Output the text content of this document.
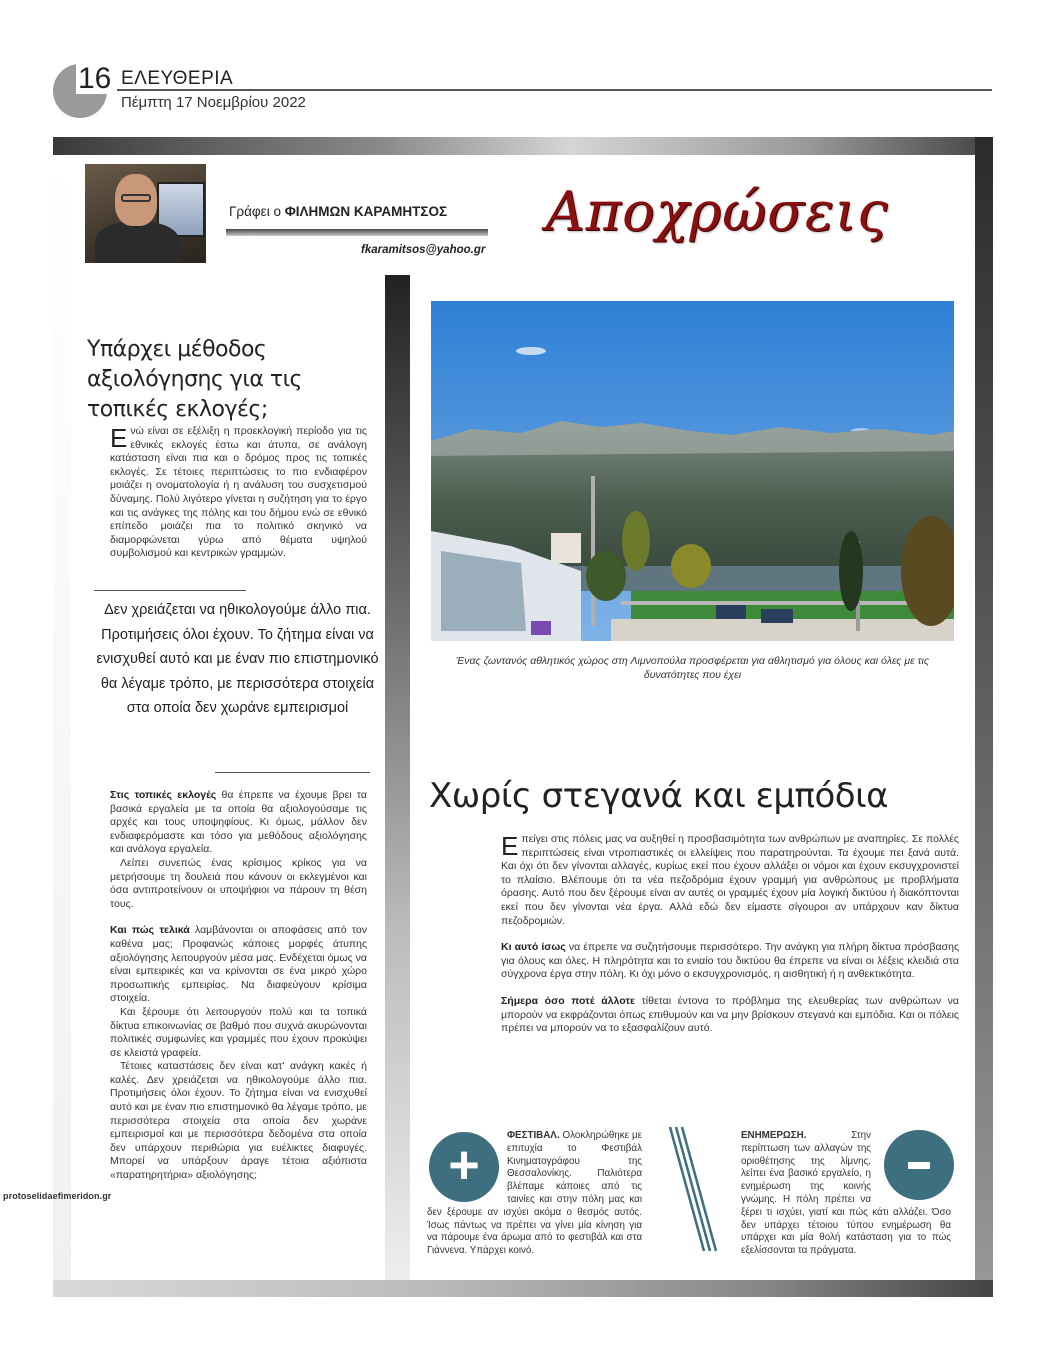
16 ΕΛΕΥΘΕΡΙΑ
Πέμπτη 17 Νοεμβρίου 2022
Γράφει ο ΦΙΛΗΜΩΝ ΚΑΡΑΜΗΤΣΟΣ
fkaramitsos@yahoo.gr
Αποχρώσεις
Υπάρχει μέθοδος αξιολόγησης για τις τοπικές εκλογές;
Ενώ είναι σε εξέλιξη η προεκλογική περίοδο για τις εθνικές εκλογές έστω και άτυπα, σε ανάλογη κατάσταση είναι πια και ο δρόμος προς τις τοπικές εκλογές. Σε τέτοιες περιπτώσεις το πιο ενδιαφέρον μοιάζει η ονοματολογία ή η ανάλυση του συσχετισμού δύναμης. Πολύ λιγότερο γίνεται η συζήτηση για το έργο και τις ανάγκες της πόλης και του δήμου ενώ σε εθνικό επίπεδο μοιάζει πια το πολιτικό σκηνικό να διαμορφώνεται γύρω από θέματα υψηλού συμβολισμού και κεντρικών γραμμών.
Δεν χρειάζεται να ηθικολογούμε άλλο πια. Προτιμήσεις όλοι έχουν. Το ζήτημα είναι να ενισχυθεί αυτό και με έναν πιο επιστημονικό θα λέγαμε τρόπο, με περισσότερα στοιχεία στα οποία δεν χωράνε εμπειρισμοί

Στις τοπικές εκλογές θα έπρεπε να έχουμε βρει τα βασικά εργαλεία με τα οποία θα αξιολογούσαμε τις αρχές και τους υποψηφίους. Κι όμως, μάλλον δεν ενδιαφερόμαστε και τόσο για μεθόδους αξιολόγησης και ανάλογα εργαλεία.

Λείπει συνεπώς ένας κρίσιμος κρίκος για να μετρήσουμε τη δουλειά που κάνουν οι εκλεγμένοι και όσα αντιπροτείνουν οι υποψήφιοι να πάρουν τη θέση τους.

Και πώς τελικά λαμβάνονται οι αποφάσεις από τον καθένα μας; Προφανώς κάποιες μορφές άτυπης αξιολόγησης λειτουργούν μέσα μας. Ενδέχεται όμως να είναι εμπειρικές και να κρίνονται σε ένα μικρό χώρο προσωπικής εμπειρίας. Να διαφεύγουν κρίσιμα στοιχεία.

Και ξέρουμε ότι λειτουργούν πολύ και τα τοπικά δίκτυα επικοινωνίας σε βαθμό που συχνά ακυρώνονται πολιτικές συμφωνίες και γραμμές που έχουν προκύψει σε κλειστά γραφεία.

Τέτοιες καταστάσεις δεν είναι κατ' ανάγκη κακές ή καλές. Δεν χρειάζεται να ηθικολογούμε άλλο πια. Προτιμήσεις όλοι έχουν. Το ζήτημα είναι να ενισχυθεί αυτό και με έναν πιο επιστημονικό θα λέγαμε τρόπο, με περισσότερα στοιχεία στα οποία δεν χωράνε εμπειρισμοί και με περισσότερα δεδομένα στα οποία δεν υπάρχουν περιθώρια για ευέλικτες διαφυγές. Μπορεί να υπάρξουν άραγε τέτοια αξιόπιστα «παρατηρητήρια» αξιολόγησης;

Ένας ζωντανός αθλητικός χώρος στη Λιμνοπούλα προσφέρεται για αθλητισμό για όλους και όλες με τις δυνατότητες που έχει
Χωρίς στεγανά και εμπόδια

Επείγει στις πόλεις μας να αυξηθεί η προσβασιμότητα των ανθρώπων με αναπηρίες. Σε πολλές περιπτώσεις είναι ντροπιαστικές οι ελλείψεις που παρατηρούνται. Τα έχουμε πει ξανά αυτά. Και όχι ότι δεν γίνονται αλλαγές, κυρίως εκεί που έχουν αλλάξει οι νόμοι και έχουν εκσυγχρονιστεί το πλαίσιο. Βλέπουμε ότι τα νέα πεζοδρόμια έχουν γραμμή για ανθρώπους με προβλήματα όρασης. Αυτό που δεν ξέρουμε είναι αν αυτές οι γραμμές έχουν μία λογική δικτύου ή διακόπτονται εκεί που δεν γίνονται νέα έργα. Αλλά εδώ δεν είμαστε σίγουροι αν υπάρχουν καν δίκτυα πεζοδρομιών.

Κι αυτό ίσως να έπρεπε να συζητήσουμε περισσότερο. Την ανάγκη για πλήρη δίκτυα πρόσβασης για όλους και όλες. Η πληρότητα και το ενιαίο του δικτύου θα έπρεπε να είναι οι λέξεις κλειδιά στα σύγχρονα έργα στην πόλη. Κι όχι μόνο ο εκσυγχρονισμός, η αισθητική ή η ανθεκτικότητα.

Σήμερα όσο ποτέ άλλοτε τίθεται έντονα το πρόβλημα της ελευθερίας των ανθρώπων να μπορούν να εκφράζονται όπως επιθυμούν και να μην βρίσκουν στεγανά και εμπόδια. Και οι πόλεις πρέπει να μπορούν να το εξασφαλίζουν αυτό.

ΦΕΣΤΙΒΑΛ. Ολοκληρώθηκε με επιτυχία το Φεστιβάλ Κινηματογράφου της Θεσσαλονίκης. Παλιότερα βλέπαμε κάποιες από τις ταινίες και στην πόλη μας και δεν ξέρουμε αν ισχύει ακόμα ο θεσμός αυτός. Ίσως πάντως να πρέπει να γίνει μία κίνηση για να πάρουμε ένα άρωμα από το φεστιβάλ και στα Γιάννενα. Υπάρχει κοινό.
+	ΕΝΗΜΕΡΩΣΗ. Στην περίπτωση των αλλαγών της οριοθέτησης της λίμνης, λείπει ένα βασικό εργαλείο, η ενημέρωση της κοινής γνώμης. Η πόλη πρέπει να ξέρει τι ισχύει, γιατί και πώς κάτι αλλάζει. Όσο δεν υπάρχει τέτοιου τύπου ενημέρωση θα υπάρχει και μία θολή κατάσταση για το πώς εξελίσσονται τα πράγματα.
protoselidaefimeridon.gr
